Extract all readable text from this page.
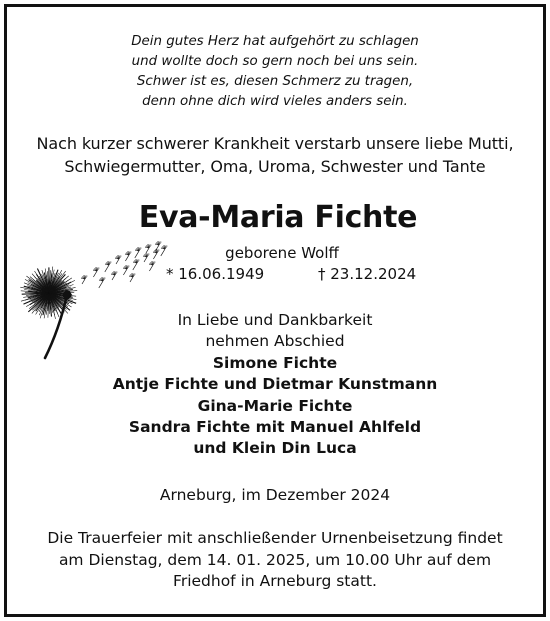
Dein gutes Herz hat aufgehört zu schlagen
und wollte doch so gern noch bei uns sein.
Schwer ist es, diesen Schmerz zu tragen,
denn ohne dich wird vieles anders sein.
Nach kurzer schwerer Krankheit verstarb unsere liebe Mutti,
Schwiegermutter, Oma, Uroma, Schwester und Tante
Eva-Maria Fichte
geborene Wolff
* 16.06.1949	† 23.12.2024
In Liebe und Dankbarkeit
nehmen Abschied
Simone Fichte
Antje Fichte und Dietmar Kunstmann
Gina-Marie Fichte
Sandra Fichte mit Manuel Ahlfeld
und Klein Din Luca
Arneburg, im Dezember 2024
Die Trauerfeier mit anschließender Urnenbeisetzung findet
am Dienstag, dem 14. 01. 2025, um 10.00 Uhr auf dem
Friedhof in Arneburg statt.
